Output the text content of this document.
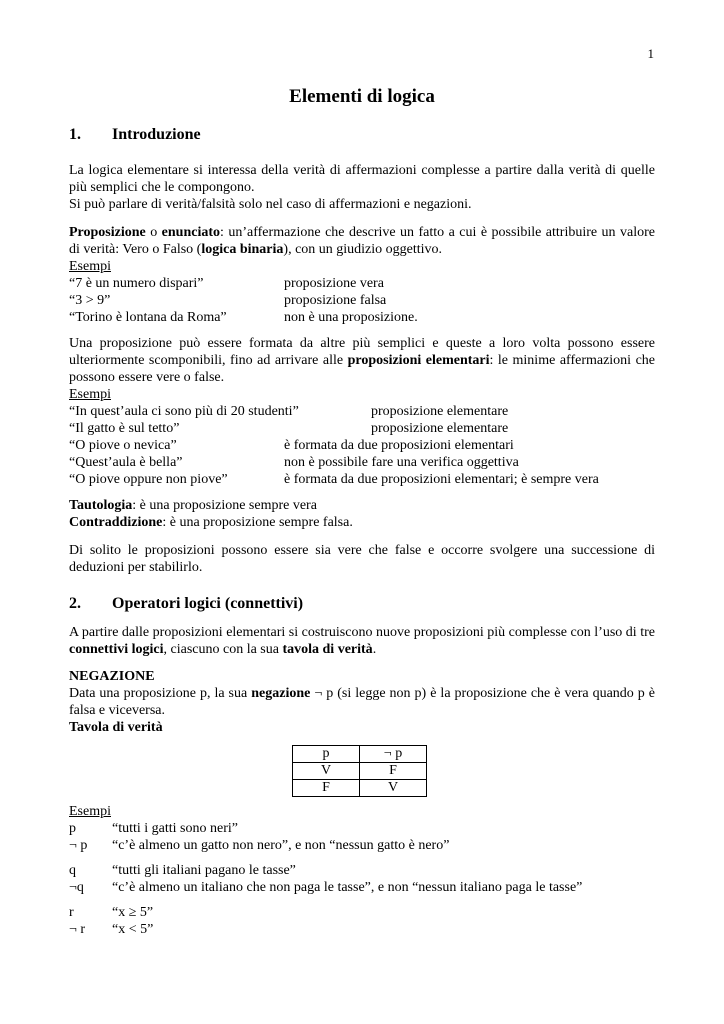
1
Elementi di logica
1. Introduzione

La logica elementare si interessa della verità di affermazioni complesse a partire dalla verità di quelle più semplici che le compongono.

Si può parlare di verità/falsità solo nel caso di affermazioni e negazioni.

Proposizione o enunciato: un’affermazione che descrive un fatto a cui è possibile attribuire un valore di verità: Vero o Falso (logica binaria), con un giudizio oggettivo.

Esempi
“7 è un numero dispari”	proposizione vera
“3 > 9”	proposizione falsa
“Torino è lontana da Roma”	non è una proposizione.

Una proposizione può essere formata da altre più semplici e queste a loro volta possono essere ulteriormente scomponibili, fino ad arrivare alle proposizioni elementari: le minime affermazioni che possono essere vere o false.

Esempi
“In quest’aula ci sono più di 20 studenti”	proposizione elementare
“Il gatto è sul tetto”	proposizione elementare
“O piove o nevica”	è formata da due proposizioni elementari
“Quest’aula è bella”	non è possibile fare una verifica oggettiva
“O piove oppure non piove”	è formata da due proposizioni elementari; è sempre vera
Tautologia : è una proposizione sempre vera
Contraddizione : è una proposizione sempre falsa.
Di solito le proposizioni possono essere sia vere che false e occorre svolgere una successione di deduzioni per stabilirlo.
2. Operatori logici (connettivi)

A partire dalle proposizioni elementari si costruiscono nuove proposizioni più complesse con l’uso di tre connettivi logici, ciascuno con la sua tavola di verità.

NEGAZIONE

Data una proposizione p, la sua negazione ¬ p (si legge non p) è la proposizione che è vera quando p è falsa e viceversa.

Tavola di verità

Esempi
p	“tutti i gatti sono neri”
¬ p “c’è almeno un gatto non nero”, e non “nessun gatto è nero”
q	“tutti gli italiani pagano le tasse”
¬q “c’è almeno un italiano che non paga le tasse”, e non “nessun italiano paga le tasse”
r	“x ≥ 5”
¬ r “x < 5”
p	¬ p
V	F
F	V
